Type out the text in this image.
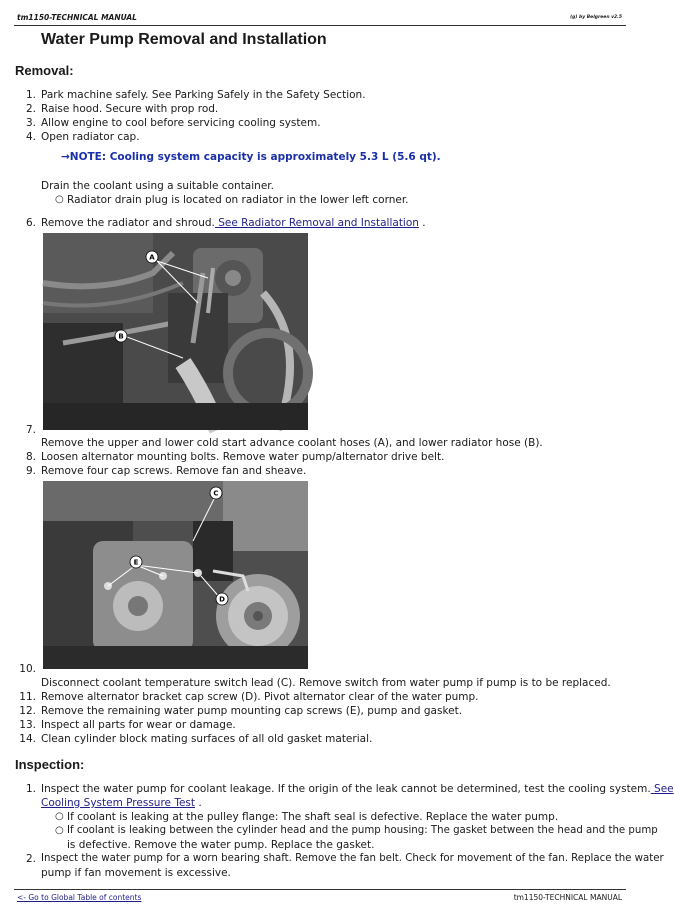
tm1150-TECHNICAL MANUAL	(g) by Belgreen v2.5
Water Pump Removal and Installation
Removal:
1. Park machine safely. See Parking Safely in the Safety Section.
2. Raise hood. Secure with prop rod.
3. Allow engine to cool before servicing cooling system.
4. Open radiator cap.
→NOTE: Cooling system capacity is approximately 5.3 L (5.6 qt).
Drain the coolant using a suitable container.
○ Radiator drain plug is located on radiator in the lower left corner.
6. Remove the radiator and shroud. See Radiator Removal and Installation .
A
B
7.
Remove the upper and lower cold start advance coolant hoses (A), and lower radiator hose (B).
8. Loosen alternator mounting bolts. Remove water pump/alternator drive belt.
9. Remove four cap screws. Remove fan and sheave.
C
E
D
10.
Disconnect coolant temperature switch lead (C). Remove switch from water pump if pump is to be replaced.
11. Remove alternator bracket cap screw (D). Pivot alternator clear of the water pump.
12. Remove the remaining water pump mounting cap screws (E), pump and gasket.
13. Inspect all parts for wear or damage.
14. Clean cylinder block mating surfaces of all old gasket material.
Inspection:
1. Inspect the water pump for coolant leakage. If the origin of the leak cannot be determined, test the cooling system. See
Cooling System Pressure Test .
○ If coolant is leaking at the pulley flange: The shaft seal is defective. Replace the water pump.
○ If coolant is leaking between the cylinder head and the pump housing: The gasket between the head and the pump
is defective. Remove the water pump. Replace the gasket.
2. Inspect the water pump for a worn bearing shaft. Remove the fan belt. Check for movement of the fan. Replace the water
pump if fan movement is excessive.
<- Go to Global Table of contents	tm1150-TECHNICAL MANUAL
